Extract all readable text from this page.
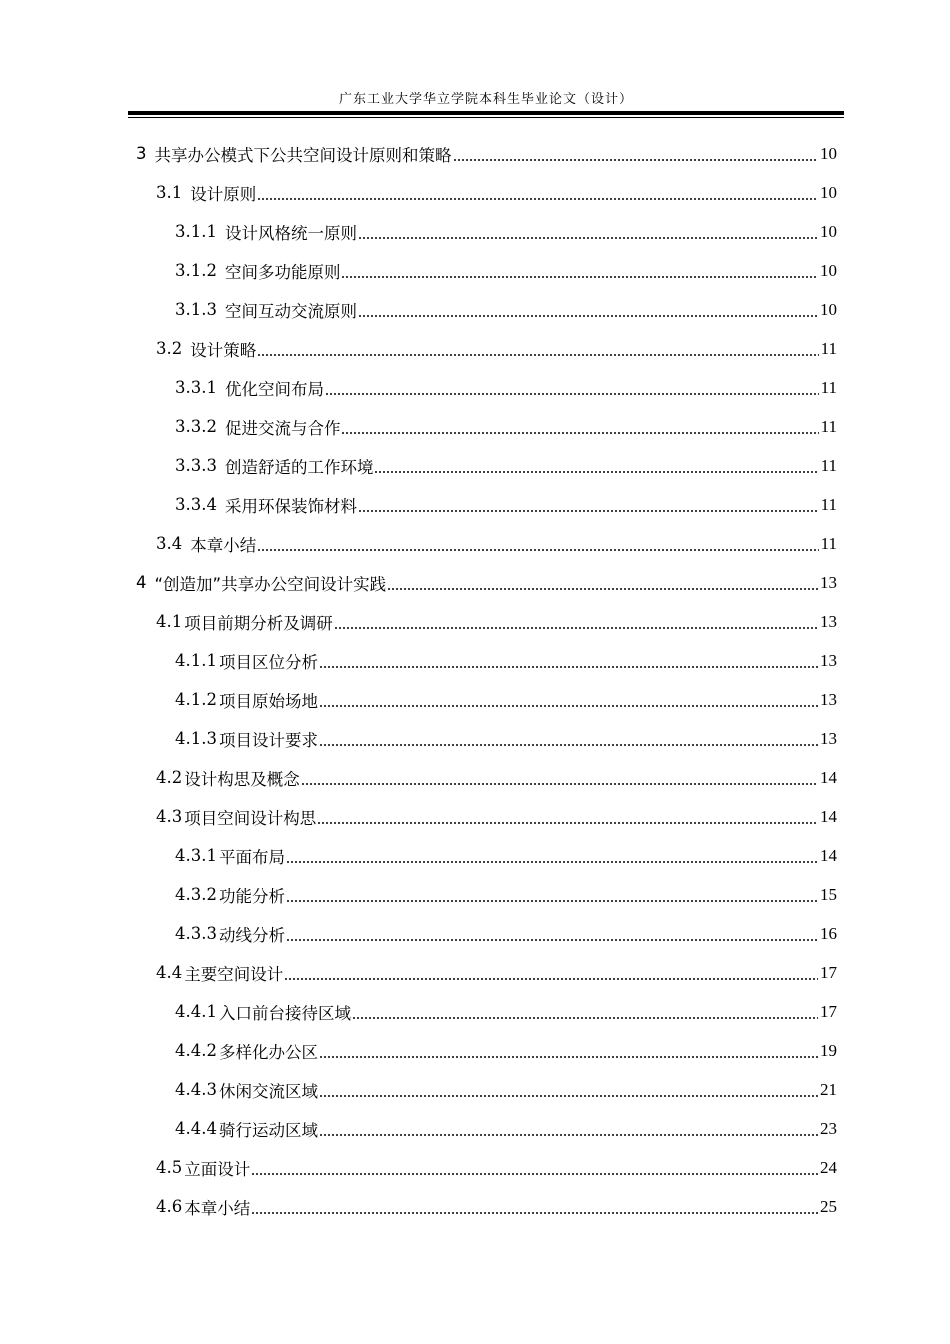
广东工业大学华立学院本科生毕业论文（设计）
3 共享办公模式下公共空间设计原则和策略	10
3.1 设计原则	10
3.1.1 设计风格统一原则	10
3.1.2 空间多功能原则	10
3.1.3 空间互动交流原则	10
3.2 设计策略	11
3.3.1 优化空间布局	11
3.3.2 促进交流与合作	11
3.3.3 创造舒适的工作环境	11
3.3.4 采用环保装饰材料	11
3.4 本章小结	11
4 “创造加”共享办公空间设计实践	13
4.1 项目前期分析及调研	13
4.1.1 项目区位分析	13
4.1.2 项目原始场地	13
4.1.3 项目设计要求	13
4.2 设计构思及概念	14
4.3 项目空间设计构思	14
4.3.1 平面布局	14
4.3.2 功能分析	15
4.3.3 动线分析	16
4.4 主要空间设计	17
4.4.1 入口前台接待区域	17
4.4.2 多样化办公区	19
4.4.3 休闲交流区域	21
4.4.4 骑行运动区域	23
4.5 立面设计	24
4.6 本章小结	25
